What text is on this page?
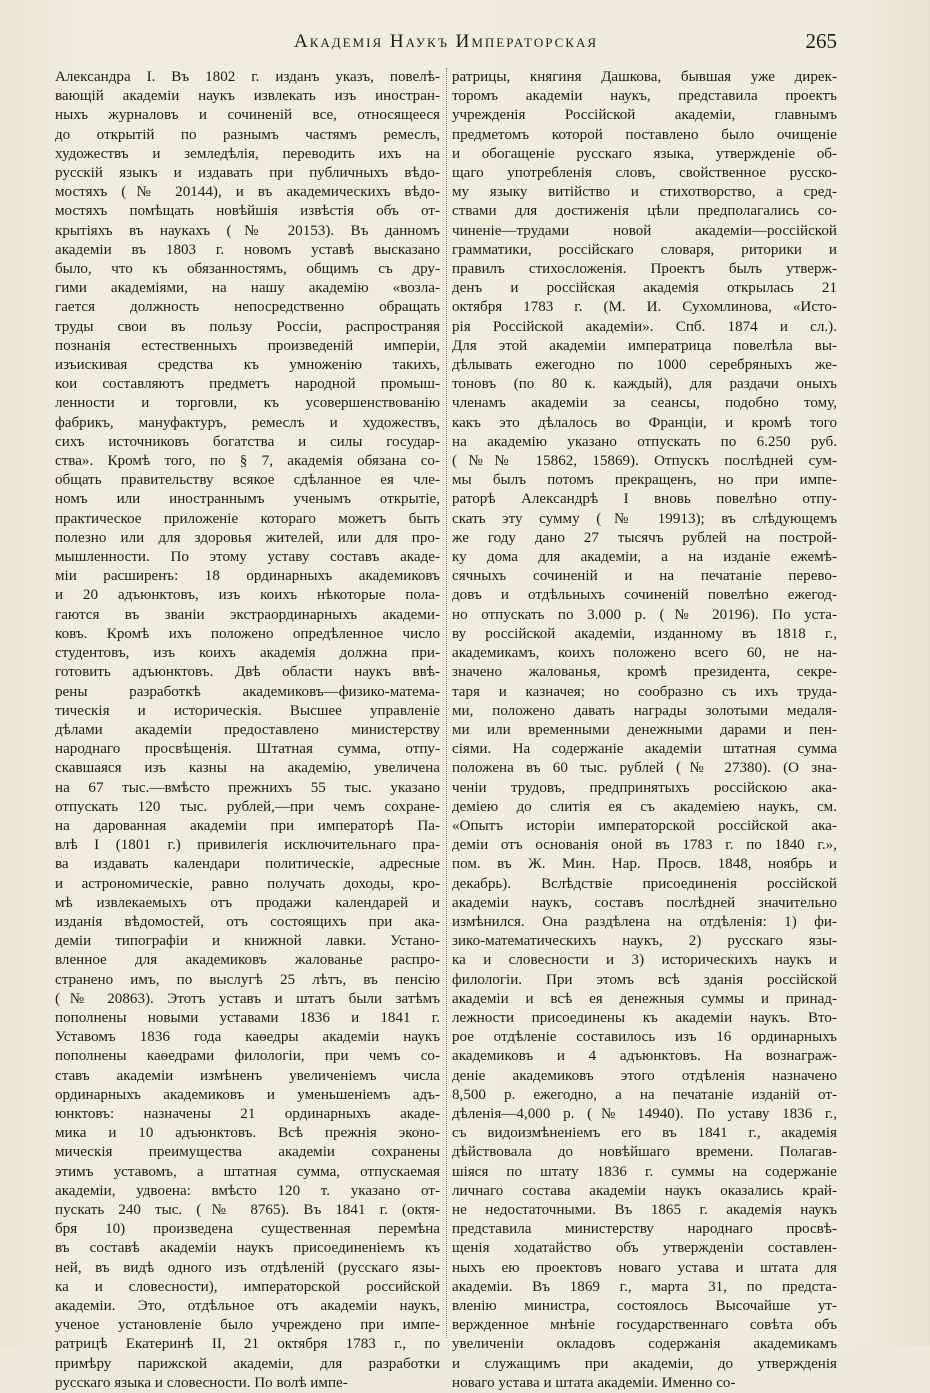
Академія Наукъ Императорская	265
Александра I. Въ 1802 г. изданъ указъ, повелѣ-
вающій академіи наукъ извлекать изъ иностран-
ныхъ журналовъ и сочиненій все, относящееся
до открытій по разнымъ частямъ ремеслъ,
художествъ и земледѣлія, переводить ихъ на
русскій языкъ и издавать при публичныхъ вѣдо-
мостяхъ (№ 20144), и въ академическихъ вѣдо-
мостяхъ помѣщать новѣйшія извѣстія объ от-
крытіяхъ въ наукахъ (№ 20153). Въ данномъ
академіи въ 1803 г. новомъ уставѣ высказано
было, что къ обязанностямъ, общимъ съ дру-
гими академіями, на нашу академію «возла-
гается должность непосредственно обращать
труды свои въ пользу Россіи, распространяя
познанія естественныхъ произведеній имперіи,
изъискивая средства къ умноженію такихъ,
кои составляютъ предметъ народной промыш-
ленности и торговли, къ усовершенствованію
фабрикъ, мануфактуръ, ремеслъ и художествъ,
сихъ источниковъ богатства и силы государ-
ства». Кромѣ того, по § 7, академія обязана со-
общать правительству всякое сдѣланное ея чле-
номъ или иностраннымъ ученымъ открытіе,
практическое приложеніе котораго можетъ быть
полезно или для здоровья жителей, или для про-
мышленности. По этому уставу составъ акаде-
міи расширенъ: 18 ординарныхъ академиковъ
и 20 адъюнктовъ, изъ коихъ нѣкоторые пола-
гаются въ званіи экстраординарныхъ академи-
ковъ. Кромѣ ихъ положено опредѣленное число
студентовъ, изъ коихъ академія должна при-
готовить адъюнктовъ. Двѣ области наукъ ввѣ-
рены разработкѣ академиковъ—физико-матема-
тическія и историческія. Высшее управленіе
дѣлами академіи предоставлено министерству
народнаго просвѣщенія. Штатная сумма, отпу-
скавшаяся изъ казны на академію, увеличена
на 67 тыс.—вмѣсто прежнихъ 55 тыс. указано
отпускать 120 тыс. рублей,—при чемъ сохране-
на дарованная академіи при императорѣ Па-
влѣ I (1801 г.) привилегія исключительнаго пра-
ва издавать календари политическіе, адресные
и астрономическіе, равно получать доходы, кро-
мѣ извлекаемыхъ отъ продажи календарей и
изданія вѣдомостей, отъ состоящихъ при ака-
деміи типографіи и книжной лавки. Устано-
вленное для академиковъ жалованье распро-
странено имъ, по выслугѣ 25 лѣтъ, въ пенсію
(№ 20863). Этотъ уставъ и штатъ были затѣмъ
пополнены новыми уставами 1836 и 1841 г.
Уставомъ 1836 года каѳедры академіи наукъ
пополнены каѳедрами филологіи, при чемъ со-
ставъ академіи измѣненъ увеличеніемъ числа
ординарныхъ академиковъ и уменьшеніемъ адъ-
юнктовъ: назначены 21 ординарныхъ акаде-
мика и 10 адъюнктовъ. Всѣ прежнія эконо-
мическія преимущества академіи сохранены
этимъ уставомъ, а штатная сумма, отпускаемая
академіи, удвоена: вмѣсто 120 т. указано от-
пускать 240 тыс. (№ 8765). Въ 1841 г. (октя-
бря 10) произведена существенная перемѣна
въ составѣ академіи наукъ присоединеніемъ къ
ней, въ видѣ одного изъ отдѣленій (русскаго язы-
ка и словесности), императорской российской
академіи. Это, отдѣльное отъ академіи наукъ,
ученое установленіе было учреждено при импе-
ратрицѣ Екатеринѣ II, 21 октября 1783 г., по
примѣру парижской академіи, для разработки
русскаго языка и словесности. По волѣ импе-
ратрицы, княгиня Дашкова, бывшая уже дирек-
торомъ академіи наукъ, представила проектъ
учрежденія Россійской академіи, главнымъ
предметомъ которой поставлено было очищеніе
и обогащеніе русскаго языка, утвержденіе об-
щаго употребленія словъ, свойственное русско-
му языку витійство и стихотворство, а сред-
ствами для достиженія цѣли предполагались со-
чиненіе—трудами новой академіи—россійской
грамматики, россійскаго словаря, риторики и
правилъ стихосложенія. Проектъ былъ утверж-
денъ и россійская академія открылась 21
октября 1783 г. (М. И. Сухомлинова, «Исто-
рія Россійской академіи». Спб. 1874 и сл.).
Для этой академіи императрица повелѣла вы-
дѣлывать ежегодно по 1000 серебряныхъ же-
тоновъ (по 80 к. каждый), для раздачи оныхъ
членамъ академіи за сеансы, подобно тому,
какъ это дѣлалось во Франціи, и кромѣ того
на академію указано отпускать по 6.250 руб.
(№№ 15862, 15869). Отпускъ послѣдней сум-
мы былъ потомъ прекращенъ, но при импе-
раторѣ Александрѣ I вновь повелѣно отпу-
скать эту сумму (№ 19913); въ слѣдующемъ
же году дано 27 тысячъ рублей на построй-
ку дома для академіи, а на изданіе ежемѣ-
сячныхъ сочиненій и на печатаніе перево-
довъ и отдѣльныхъ сочиненій повелѣно ежегод-
но отпускать по 3.000 р. (№ 20196). По уста-
ву россійской академіи, изданному въ 1818 г.,
академикамъ, коихъ положено всего 60, не на-
значено жалованья, кромѣ президента, секре-
таря и казначея; но сообразно съ ихъ труда-
ми, положено давать награды золотыми медаля-
ми или временными денежными дарами и пен-
сіями. На содержаніе академіи штатная сумма
положена въ 60 тыс. рублей (№ 27380). (О зна-
ченіи трудовъ, предпринятыхъ россійскою ака-
деміею до слитія ея съ академіею наукъ, см.
«Опытъ исторіи императорской россійской ака-
деміи отъ основанія оной въ 1783 г. по 1840 г.»,
пом. въ Ж. Мин. Нар. Просв. 1848, ноябрь и
декабрь). Вслѣдствіе присоединенія россійской
академіи наукъ, составъ послѣдней значительно
измѣнился. Она раздѣлена на отдѣленія: 1) фи-
зико-математическихъ наукъ, 2) русскаго язы-
ка и словесности и 3) историческихъ наукъ и
филологіи. При этомъ всѣ зданія россійской
академіи и всѣ ея денежныя суммы и принад-
лежности присоединены къ академіи наукъ. Вто-
рое отдѣленіе составилось изъ 16 ординарныхъ
академиковъ и 4 адъюнктовъ. На вознаграж-
деніе академиковъ этого отдѣленія назначено
8,500 р. ежегодно, а на печатаніе изданій от-
дѣленія—4,000 р. (№ 14940). По уставу 1836 г.,
съ видоизмѣненіемъ его въ 1841 г., академія
дѣйствовала до новѣйшаго времени. Полагав-
шіяся по штату 1836 г. суммы на содержаніе
личнаго состава академіи наукъ оказались край-
не недостаточными. Въ 1865 г. академія наукъ
представила министерству народнаго просвѣ-
щенія ходатайство объ утвержденіи составлен-
ныхъ ею проектовъ новаго устава и штата для
академіи. Въ 1869 г., марта 31, по предста-
вленію министра, состоялось Высочайше ут-
вержденное мнѣніе государственнаго совѣта объ
увеличеніи окладовъ содержанія академикамъ
и служащимъ при академіи, до утвержденія
новаго устава и штата академіи. Именно со-
